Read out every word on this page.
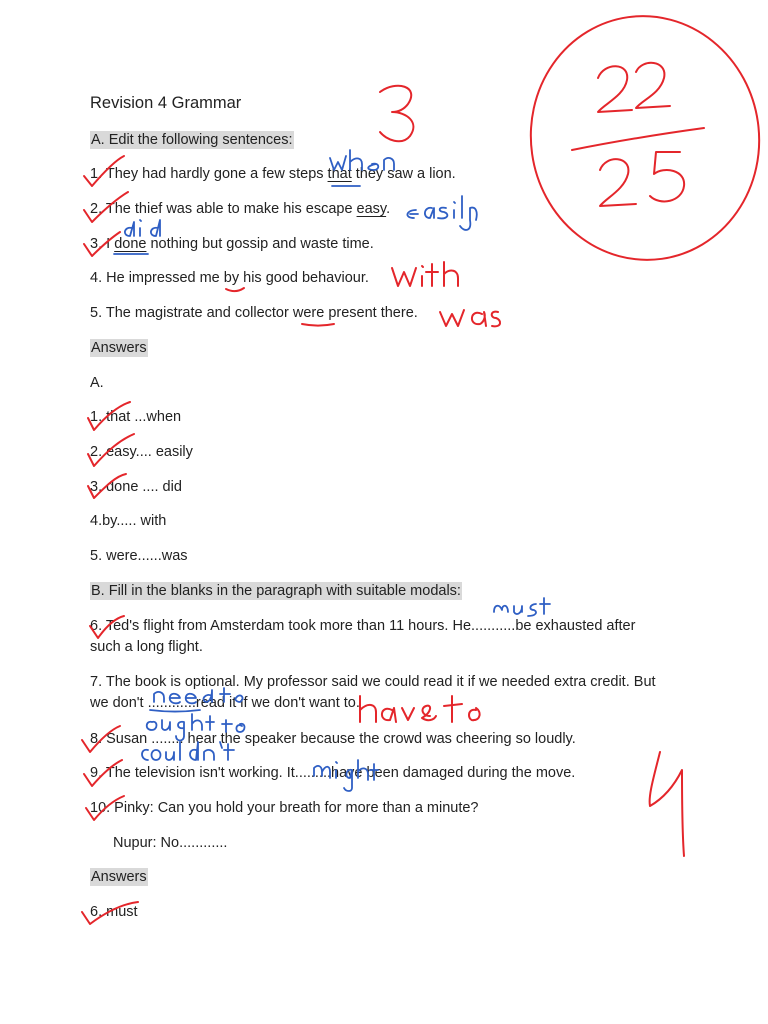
Revision 4 Grammar
A. Edit the following sentences:
1. They had hardly gone a few steps that they saw a lion.
2. The thief was able to make his escape easy.
3. I done nothing but gossip and waste time.
4. He impressed me by his good behaviour.
5. The magistrate and collector were present there.
Answers
A.
1. that ...when
2. easy.... easily
3. done .... did
4.by..... with
5. were......was
B. Fill in the blanks in the paragraph with suitable modals:
6. Ted's flight from Amsterdam took more than 11 hours. He...........be exhausted after
such a long flight.
7. The book is optional. My professor said we could read it if we needed extra credit. But
we don't ............read it if we don't want to.
8. Susan ........ hear the speaker because the crowd was cheering so loudly.
9. The television isn't working. It.........have been damaged during the move.
10. Pinky: Can you hold your breath for more than a minute?
Nupur: No............
Answers
6. must
